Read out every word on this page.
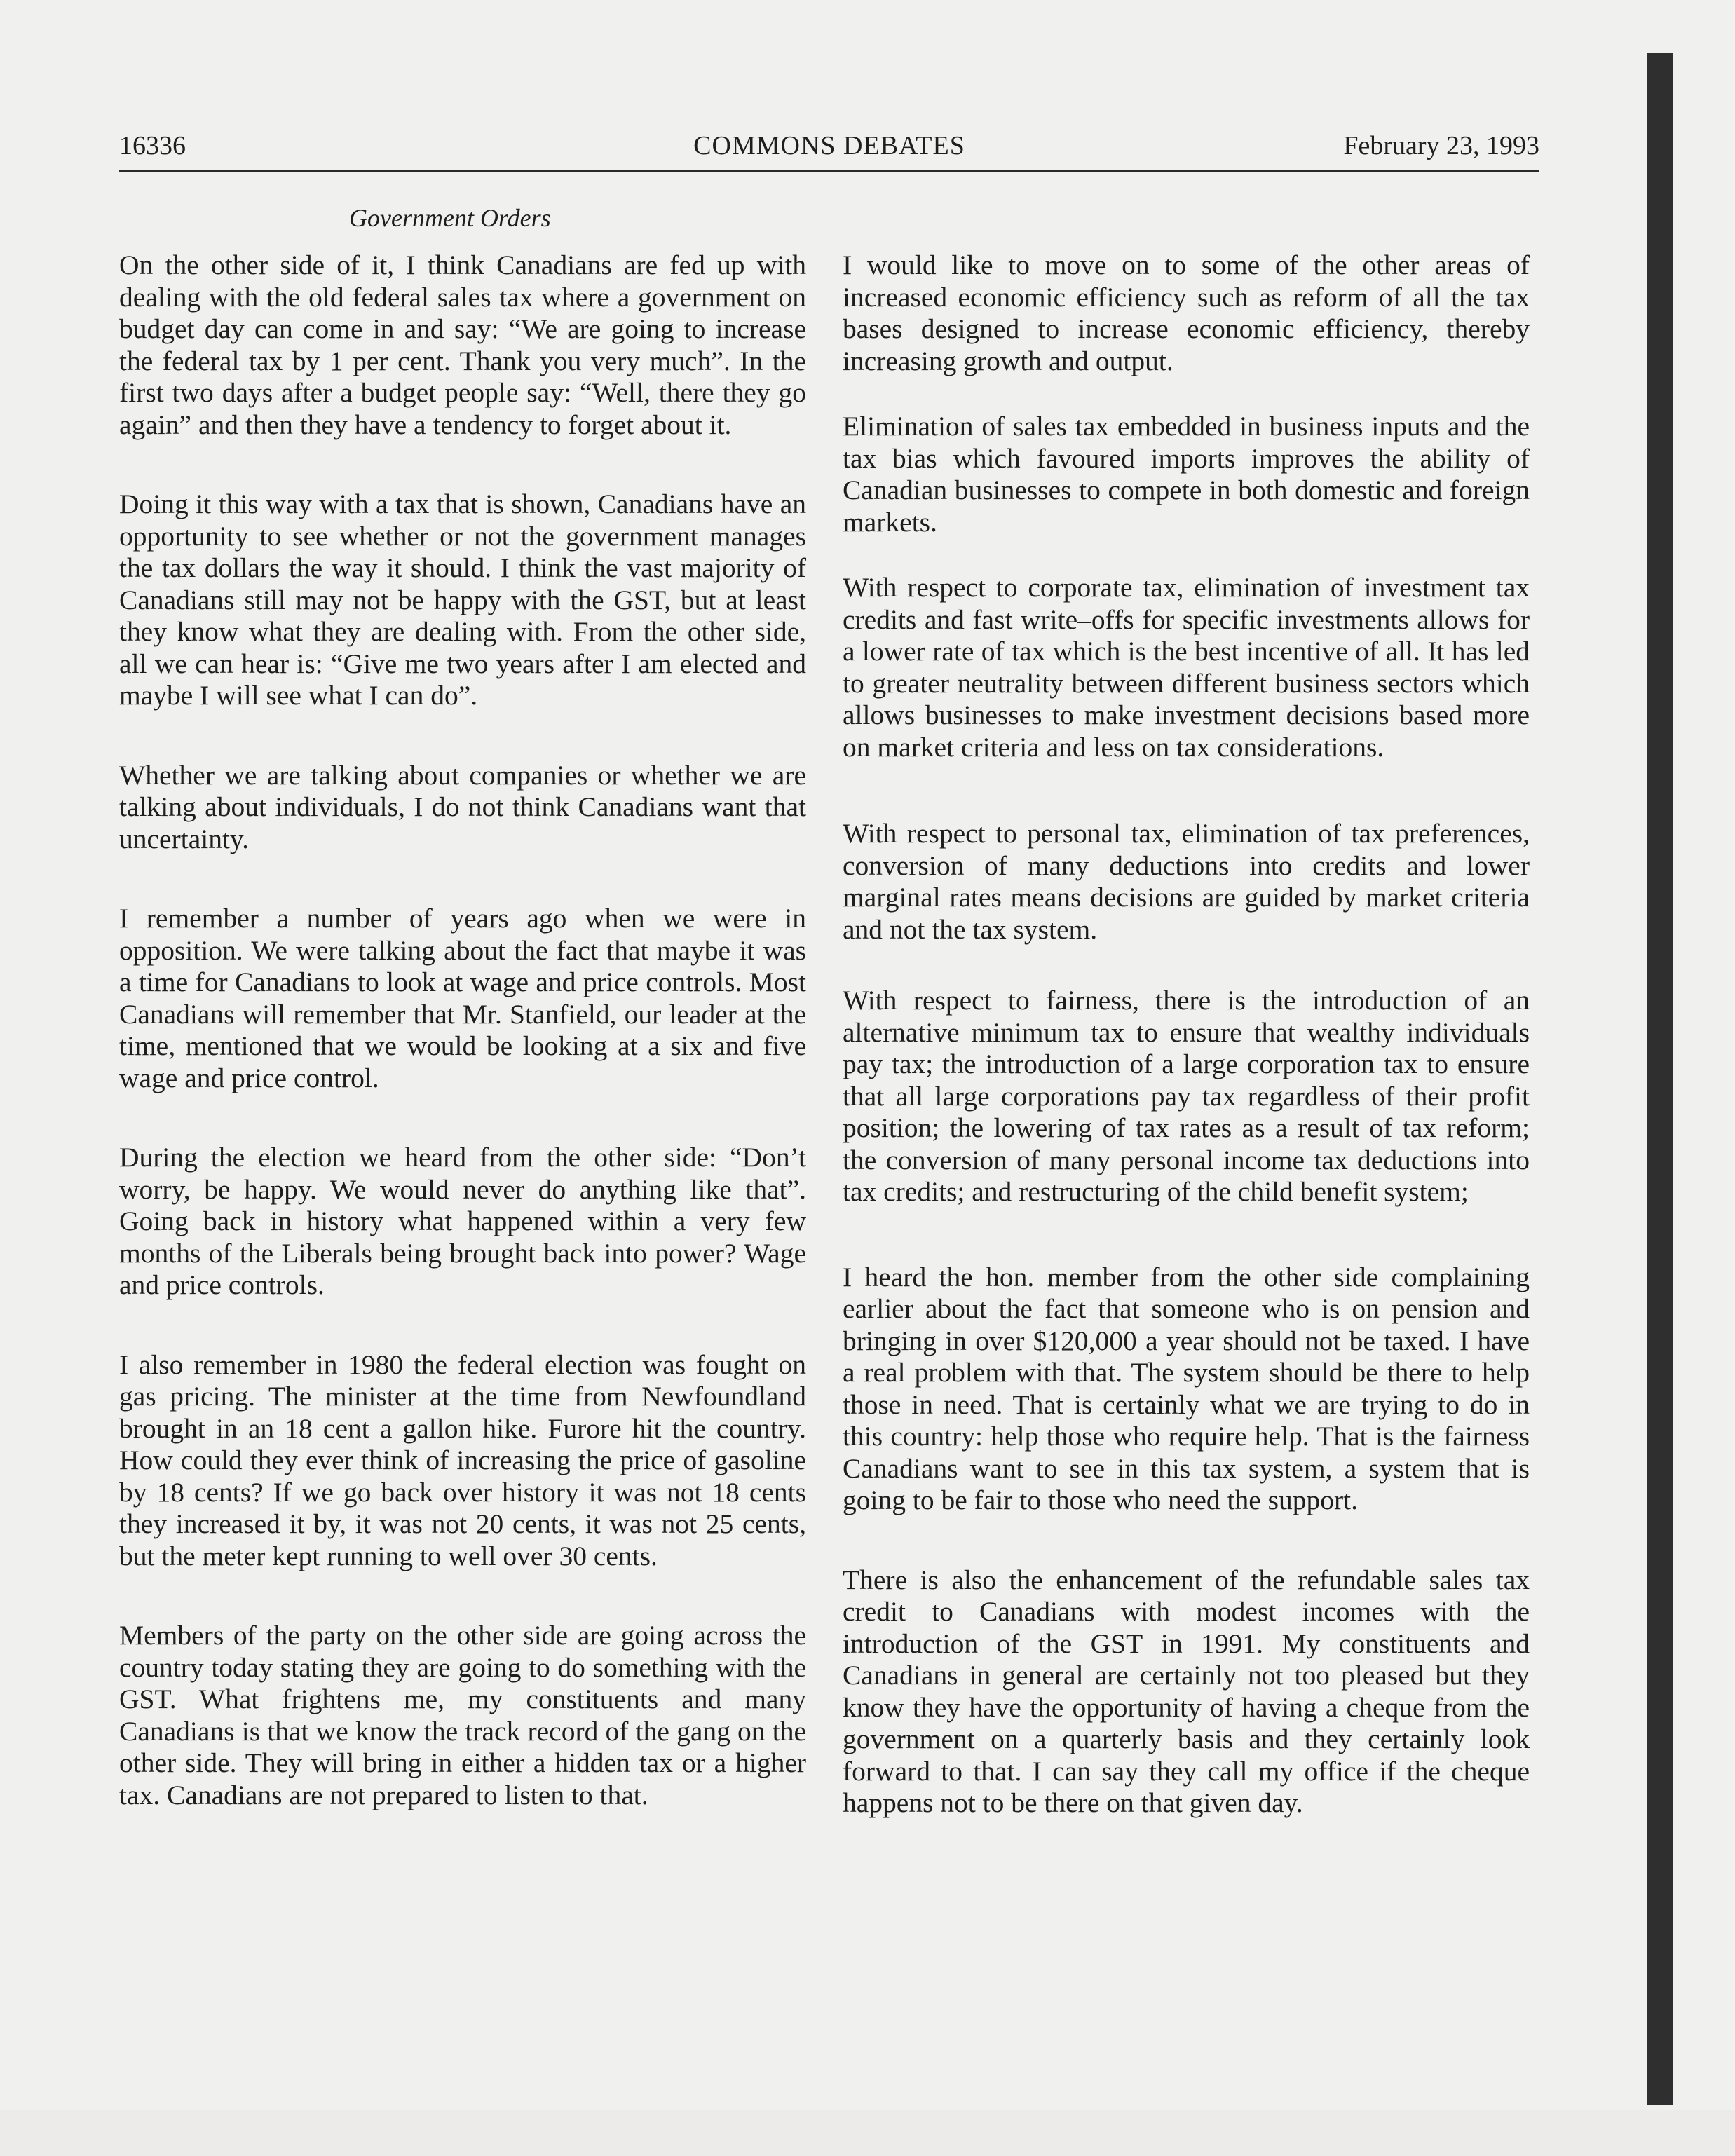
16336	COMMONS DEBATES	February 23, 1993
Government Orders

On the other side of it, I think Canadians are fed up with dealing with the old federal sales tax where a government on budget day can come in and say: “We are going to increase the federal tax by 1 per cent. Thank you very much”. In the first two days after a budget people say: “Well, there they go again” and then they have a tendency to forget about it.

Doing it this way with a tax that is shown, Canadians have an opportunity to see whether or not the government manages the tax dollars the way it should. I think the vast majority of Canadians still may not be happy with the GST, but at least they know what they are dealing with. From the other side, all we can hear is: “Give me two years after I am elected and maybe I will see what I can do”.

Whether we are talking about companies or whether we are talking about individuals, I do not think Canadians want that uncertainty.

I remember a number of years ago when we were in opposition. We were talking about the fact that maybe it was a time for Canadians to look at wage and price controls. Most Canadians will remember that Mr. Stanfield, our leader at the time, mentioned that we would be looking at a six and five wage and price control.

During the election we heard from the other side: “Don’t worry, be happy. We would never do anything like that”. Going back in history what happened within a very few months of the Liberals being brought back into power? Wage and price controls.

I also remember in 1980 the federal election was fought on gas pricing. The minister at the time from Newfoundland brought in an 18 cent a gallon hike. Furore hit the country. How could they ever think of increasing the price of gasoline by 18 cents? If we go back over history it was not 18 cents they increased it by, it was not 20 cents, it was not 25 cents, but the meter kept running to well over 30 cents.

Members of the party on the other side are going across the country today stating they are going to do something with the GST. What frightens me, my constituents and many Canadians is that we know the track record of the gang on the other side. They will bring in either a hidden tax or a higher tax. Canadians are not prepared to listen to that.

I would like to move on to some of the other areas of increased economic efficiency such as reform of all the tax bases designed to increase economic efficiency, thereby increasing growth and output.

Elimination of sales tax embedded in business inputs and the tax bias which favoured imports improves the ability of Canadian businesses to compete in both domestic and foreign markets.

With respect to corporate tax, elimination of investment tax credits and fast write–offs for specific investments allows for a lower rate of tax which is the best incentive of all. It has led to greater neutrality between different business sectors which allows businesses to make investment decisions based more on market criteria and less on tax considerations.

With respect to personal tax, elimination of tax preferences, conversion of many deductions into credits and lower marginal rates means decisions are guided by market criteria and not the tax system.

With respect to fairness, there is the introduction of an alternative minimum tax to ensure that wealthy individuals pay tax; the introduction of a large corporation tax to ensure that all large corporations pay tax regardless of their profit position; the lowering of tax rates as a result of tax reform; the conversion of many personal income tax deductions into tax credits; and restructuring of the child benefit system;

I heard the hon. member from the other side complaining earlier about the fact that someone who is on pension and bringing in over $120,000 a year should not be taxed. I have a real problem with that. The system should be there to help those in need. That is certainly what we are trying to do in this country: help those who require help. That is the fairness Canadians want to see in this tax system, a system that is going to be fair to those who need the support.

There is also the enhancement of the refundable sales tax credit to Canadians with modest incomes with the introduction of the GST in 1991. My constituents and Canadians in general are certainly not too pleased but they know they have the opportunity of having a cheque from the government on a quarterly basis and they certainly look forward to that. I can say they call my office if the cheque happens not to be there on that given day.
